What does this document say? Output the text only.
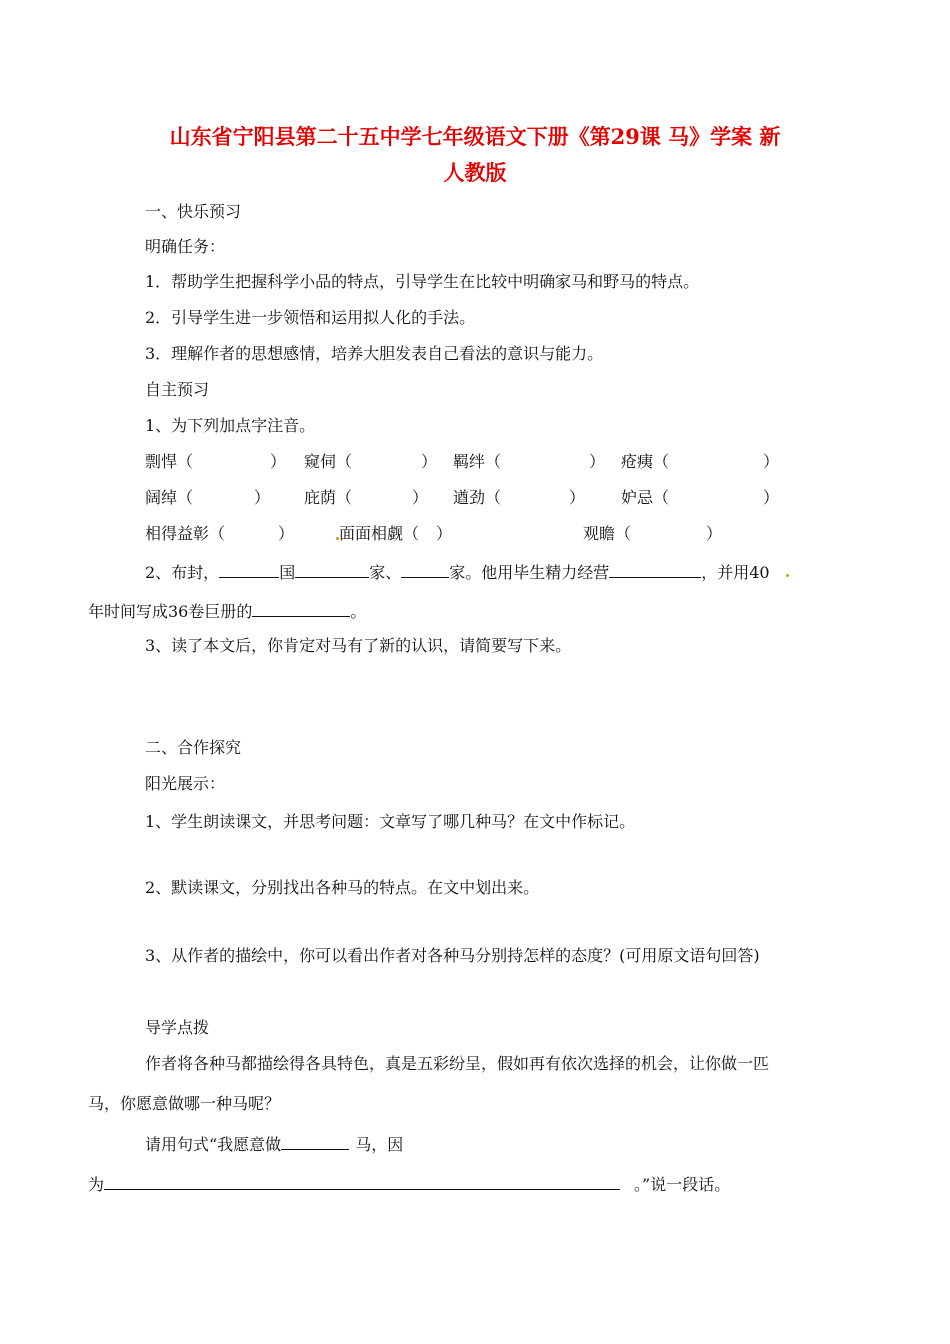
山东省宁阳县第二十五中学七年级语文下册《第29课 马》学案 新
人教版
一、快乐预习
明确任务：
1．帮助学生把握科学小品的特点，引导学生在比较中明确家马和野马的特点。
2．引导学生进一步领悟和运用拟人化的手法。
3．理解作者的思想感情，培养大胆发表自己看法的意识与能力。
自主预习
1、为下列加点字注音。
剽悍（	） 窥伺（	） 羁绊（	） 疮痍（	）
阔绰（	） 庇荫（	） 遒劲（	） 妒忌（	）
相得益彰（	）	面面相觑（ ）	观瞻（	）
2、布封，	国	家、	家。他用毕生精力经营	，并用40
年时间写成36卷巨册的	。
3、读了本文后，你肯定对马有了新的认识，请简要写下来。
二、合作探究
阳光展示：
1、学生朗读课文，并思考问题：文章写了哪几种马？在文中作标记。
2、默读课文，分别找出各种马的特点。在文中划出来。
3、从作者的描绘中，你可以看出作者对各种马分别持怎样的态度？(可用原文语句回答)
导学点拨
作者将各种马都描绘得各具特色，真是五彩纷呈，假如再有依次选择的机会，让你做一匹
马，你愿意做哪一种马呢？
请用句式“我愿意做	马，因
为	。”说一段话。
